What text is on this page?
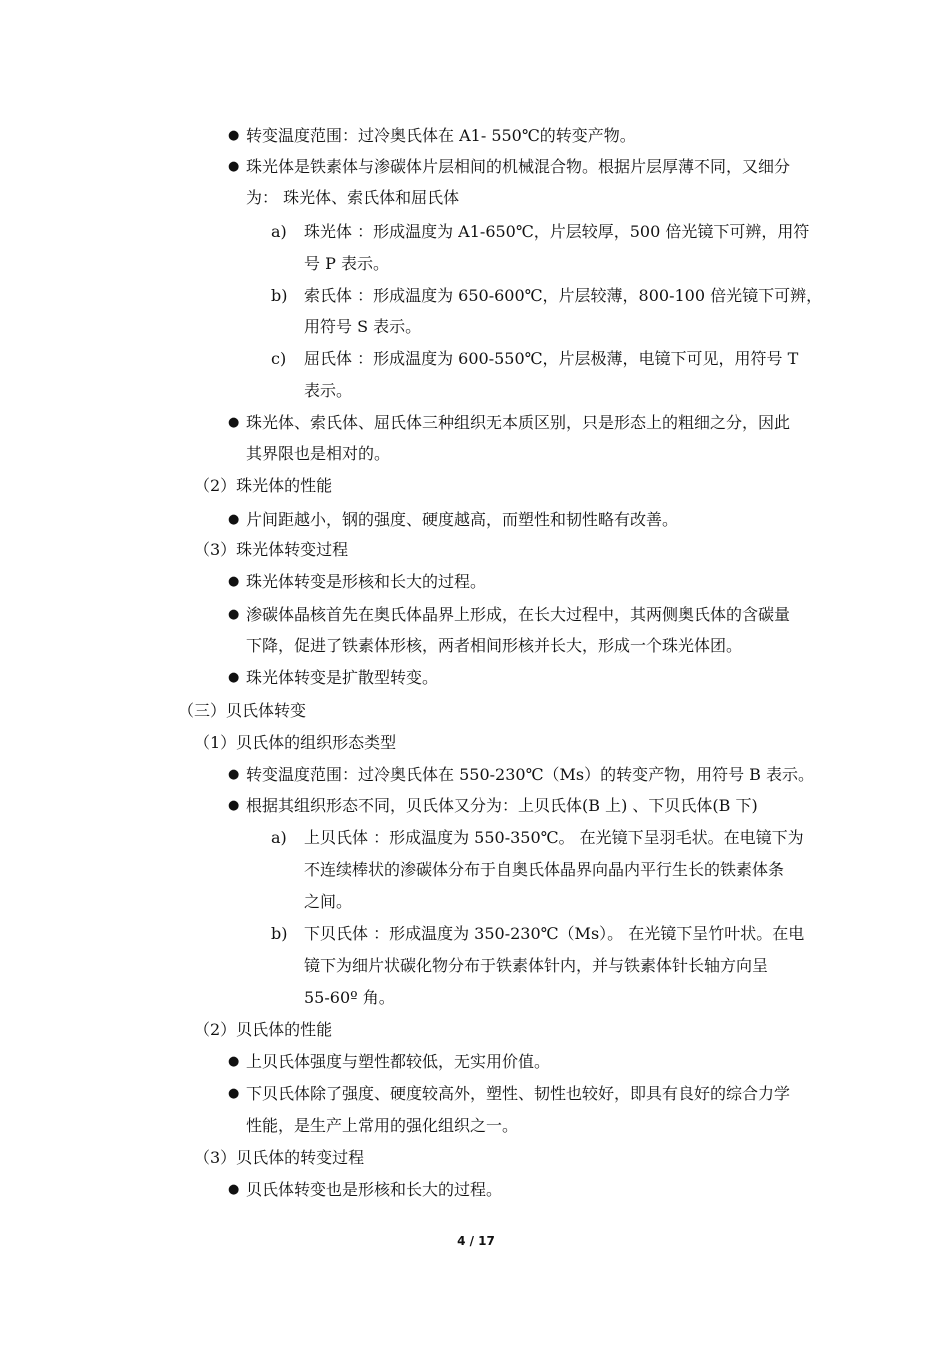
● 转变温度范围：过冷奥氏体在 A1- 550℃的转变产物。
● 珠光体是铁素体与渗碳体片层相间的机械混合物。根据片层厚薄不同，又细分
为： 珠光体、索氏体和屈氏体
a) 珠光体 ：形成温度为 A1-650℃，片层较厚，500 倍光镜下可辨，用符
号 P 表示。
b) 索氏体 ：形成温度为 650-600℃，片层较薄，800-100 倍光镜下可辨，
用符号 S 表示。
c) 屈氏体 ：形成温度为 600-550℃，片层极薄，电镜下可见，用符号 T
表示。
● 珠光体、索氏体、屈氏体三种组织无本质区别，只是形态上的粗细之分，因此
其界限也是相对的。
（2）珠光体的性能
● 片间距越小，钢的强度、硬度越高，而塑性和韧性略有改善。
（3）珠光体转变过程
● 珠光体转变是形核和长大的过程。
● 渗碳体晶核首先在奥氏体晶界上形成，在长大过程中，其两侧奥氏体的含碳量
下降，促进了铁素体形核，两者相间形核并长大，形成一个珠光体团。
● 珠光体转变是扩散型转变。
（三）贝氏体转变
（1）贝氏体的组织形态类型
● 转变温度范围：过冷奥氏体在 550-230℃（Ms）的转变产物，用符号 B 表示。
● 根据其组织形态不同，贝氏体又分为：上贝氏体(B 上) 、下贝氏体(B 下)
a) 上贝氏体 ：形成温度为 550-350℃。 在光镜下呈羽毛状。在电镜下为
不连续棒状的渗碳体分布于自奥氏体晶界向晶内平行生长的铁素体条
之间。
b) 下贝氏体 ：形成温度为 350-230℃（Ms）。 在光镜下呈竹叶状。在电
镜下为细片状碳化物分布于铁素体针内，并与铁素体针长轴方向呈
55-60º 角。
（2）贝氏体的性能
● 上贝氏体强度与塑性都较低，无实用价值。
● 下贝氏体除了强度、硬度较高外，塑性、韧性也较好，即具有良好的综合力学
性能，是生产上常用的强化组织之一。
（3）贝氏体的转变过程
● 贝氏体转变也是形核和长大的过程。
4 / 17
